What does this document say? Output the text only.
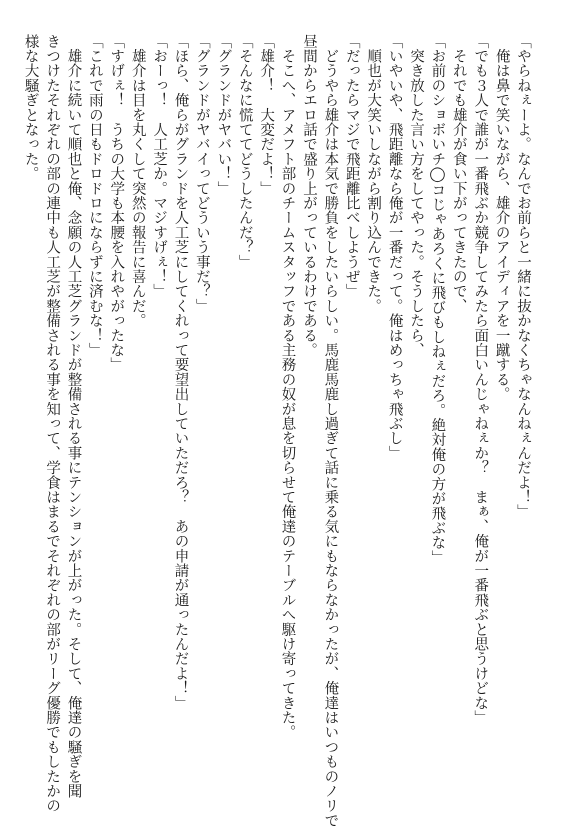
「やらねぇーよ。なんでお前らと一緒に抜かなくちゃなんねぇんだよ！」
　俺は鼻で笑いながら、雄介のアイディアを一蹴する。
「でも３人で誰が一番飛ぶか競争してみたら面白いんじゃねぇか？　まぁ、俺が一番飛ぶと思うけどな」
　それでも雄介が食い下がってきたので、
「お前のショボいチ◯コじゃあろくに飛びもしねぇだろ。絶対俺の方が飛ぶな」
　突き放した言い方をしてやった。そうしたら、
「いやいや、飛距離なら俺が一番だって。俺はめっちゃ飛ぶし」
　順也が大笑いしながら割り込んできた。
「だったらマジで飛距離比べしようぜ」
　どうやら雄介は本気で勝負をしたいらしい。馬鹿馬鹿し過ぎて話に乗る気にもならなかったが、俺達はいつものノリで
昼間からエロ話で盛り上がっているわけである。
　そこへ、アメフト部のチームスタッフである主務の奴が息を切らせて俺達のテーブルへ駆け寄ってきた。
「雄介！　大変だよ！」
「そんなに慌ててどうしたんだ？」
「グランドがヤバい！」
「グランドがヤバイってどういう事だ？」
「ほら、俺らがグランドを人工芝にしてくれって要望出していただろ？　あの申請が通ったんだよ！」
「おーっ！　人工芝か。マジすげぇ！」
　雄介は目を丸くして突然の報告に喜んだ。
「すげぇ！　うちの大学も本腰を入れやがったな」
「これで雨の日もドロドロにならずに済むな！」
　雄介に続いて順也と俺、念願の人工芝グランドが整備される事にテンションが上がった。そして、俺達の騒ぎを聞
きつけたそれぞれの部の連中も人工芝が整備される事を知って、学食はまるでそれぞれの部がリーグ優勝でもしたかの
様な大騒ぎとなった。
